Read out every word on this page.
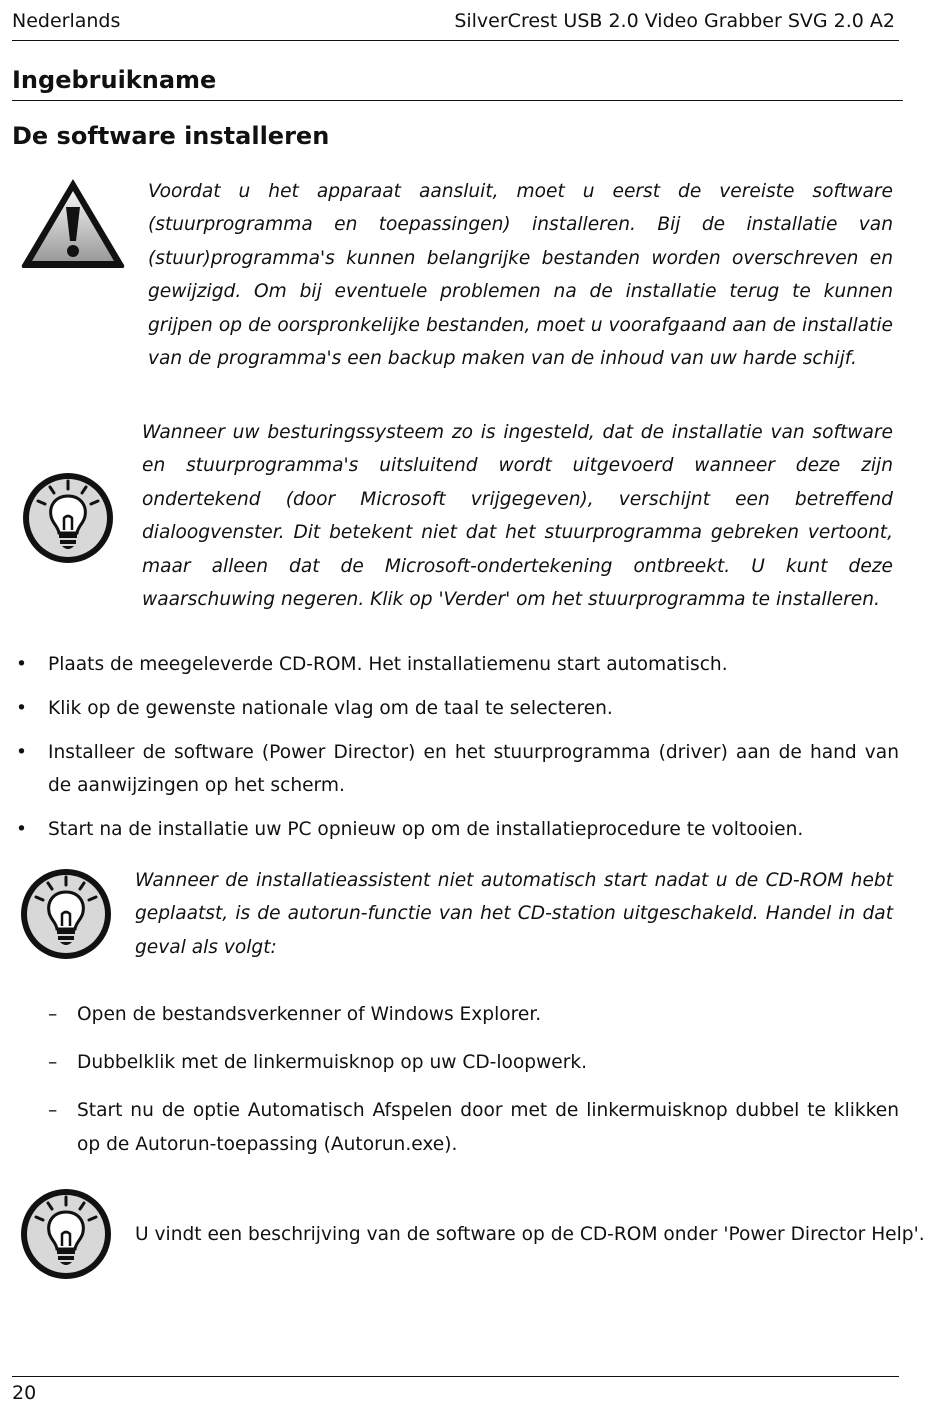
Nederlands	SilverCrest USB 2.0 Video Grabber SVG 2.0 A2
Ingebruikname
De software installeren
Voordat u het apparaat aansluit, moet u eerst de vereiste software (stuurprogramma en toepassingen) installeren. Bij de installatie van (stuur)programma's kunnen belangrijke bestanden worden overschreven en gewijzigd. Om bij eventuele problemen na de installatie terug te kunnen grijpen op de oorspronkelijke bestanden, moet u voorafgaand aan de installatie van de programma's een backup maken van de inhoud van uw harde schijf.
Wanneer uw besturingssysteem zo is ingesteld, dat de installatie van software en stuurprogramma's uitsluitend wordt uitgevoerd wanneer deze zijn ondertekend (door Microsoft vrijgegeven), verschijnt een betreffend dialoogvenster. Dit betekent niet dat het stuurprogramma gebreken vertoont, maar alleen dat de Microsoft-ondertekening ontbreekt. U kunt deze waarschuwing negeren. Klik op 'Verder' om het stuurprogramma te installeren.
•	Plaats de meegeleverde CD-ROM. Het installatiemenu start automatisch.
•	Klik op de gewenste nationale vlag om de taal te selecteren.
•	Installeer de software (Power Director) en het stuurprogramma (driver) aan de hand van de aanwijzingen op het scherm.
•	Start na de installatie uw PC opnieuw op om de installatieprocedure te voltooien.
Wanneer de installatieassistent niet automatisch start nadat u de CD-ROM hebt geplaatst, is de autorun-functie van het CD-station uitgeschakeld. Handel in dat geval als volgt:
– Open de bestandsverkenner of Windows Explorer.
– Dubbelklik met de linkermuisknop op uw CD-loopwerk.
– Start nu de optie Automatisch Afspelen door met de linkermuisknop dubbel te klikken op de Autorun-toepassing (Autorun.exe).
U vindt een beschrijving van de software op de CD-ROM onder 'Power Director Help'.
20
